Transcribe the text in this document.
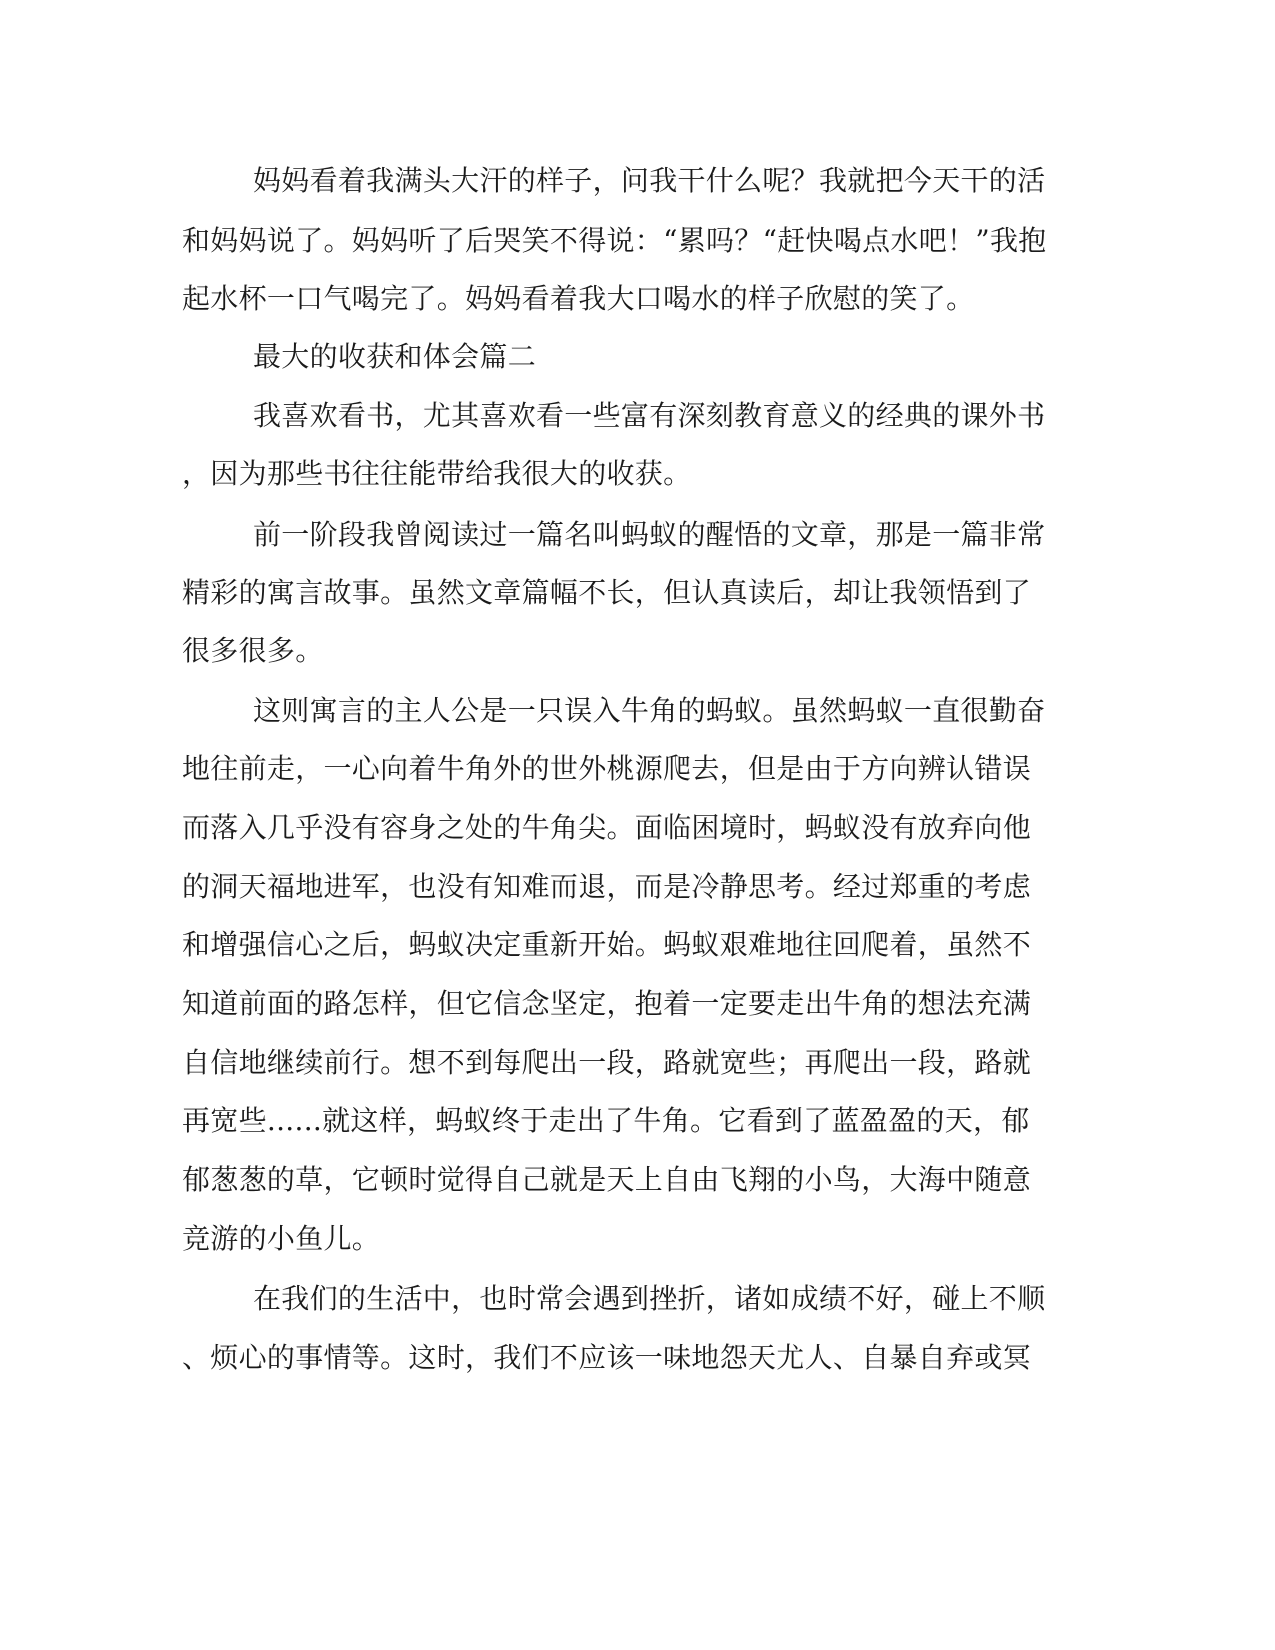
妈妈看着我满头大汗的样子，问我干什么呢？我就把今天干的活
和妈妈说了。妈妈听了后哭笑不得说：“累吗？“赶快喝点水吧！”我抱
起水杯一口气喝完了。妈妈看着我大口喝水的样子欣慰的笑了。
最大的收获和体会篇二
我喜欢看书，尤其喜欢看一些富有深刻教育意义的经典的课外书
，因为那些书往往能带给我很大的收获。
前一阶段我曾阅读过一篇名叫蚂蚁的醒悟的文章，那是一篇非常
精彩的寓言故事。虽然文章篇幅不长，但认真读后，却让我领悟到了
很多很多。
这则寓言的主人公是一只误入牛角的蚂蚁。虽然蚂蚁一直很勤奋
地往前走，一心向着牛角外的世外桃源爬去，但是由于方向辨认错误
而落入几乎没有容身之处的牛角尖。面临困境时，蚂蚁没有放弃向他
的洞天福地进军，也没有知难而退，而是冷静思考。经过郑重的考虑
和增强信心之后，蚂蚁决定重新开始。蚂蚁艰难地往回爬着，虽然不
知道前面的路怎样，但它信念坚定，抱着一定要走出牛角的想法充满
自信地继续前行。想不到每爬出一段，路就宽些；再爬出一段，路就
再宽些......就这样，蚂蚁终于走出了牛角。它看到了蓝盈盈的天，郁
郁葱葱的草，它顿时觉得自己就是天上自由飞翔的小鸟，大海中随意
竞游的小鱼儿。
在我们的生活中，也时常会遇到挫折，诸如成绩不好，碰上不顺
、烦心的事情等。这时，我们不应该一味地怨天尤人、自暴自弃或冥
